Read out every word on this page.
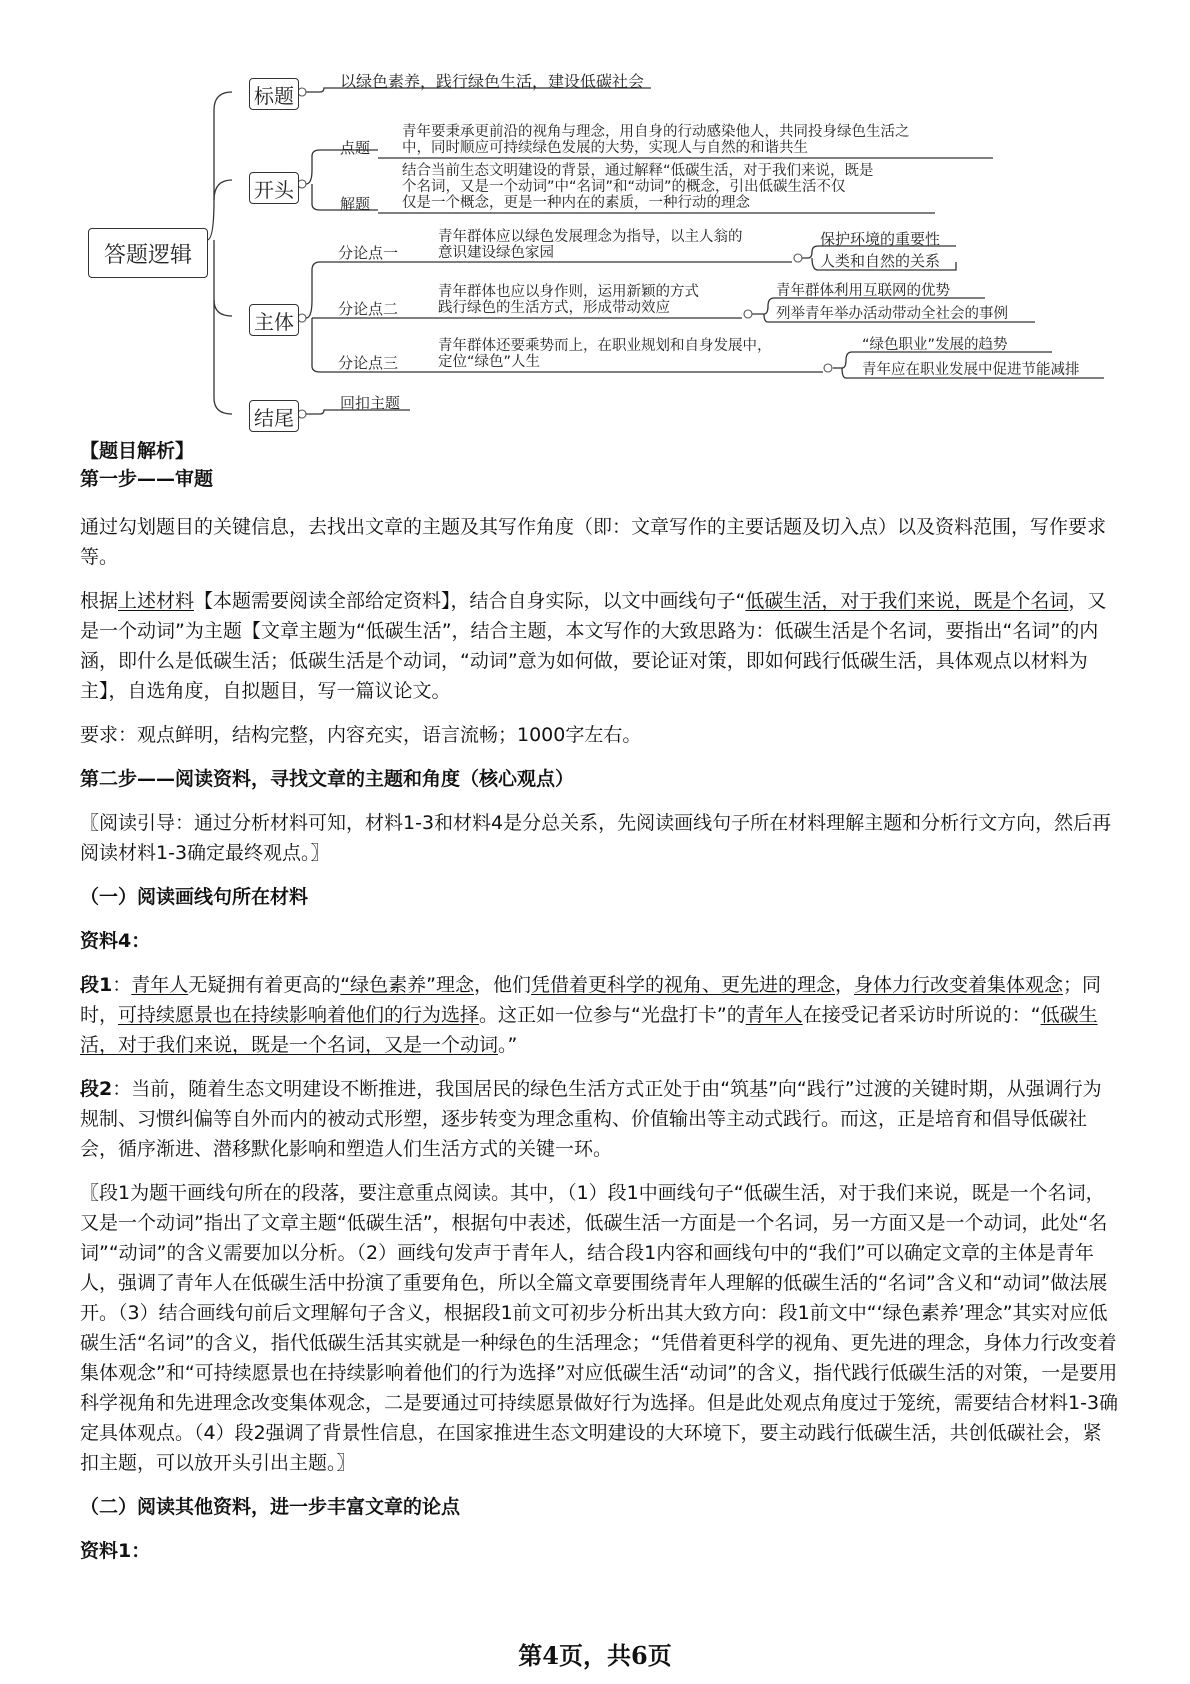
答题逻辑
标题
以绿色素养，践行绿色生活，建设低碳社会
开头
点题
青年要秉承更前沿的视角与理念，用自身的行动感染他人，共同投身绿色生活之
中，同时顺应可持续绿色发展的大势，实现人与自然的和谐共生
解题
结合当前生态文明建设的背景，通过解释“低碳生活，对于我们来说，既是
个名词，又是一个动词”中“名词”和“动词”的概念，引出低碳生活不仅
仅是一个概念，更是一种内在的素质，一种行动的理念
主体
分论点一
青年群体应以绿色发展理念为指导，以主人翁的
意识建设绿色家园
保护环境的重要性
人类和自然的关系
分论点二
青年群体也应以身作则，运用新颖的方式
践行绿色的生活方式，形成带动效应
青年群体利用互联网的优势
列举青年举办活动带动全社会的事例
分论点三
青年群体还要乘势而上，在职业规划和自身发展中，
定位“绿色”人生
“绿色职业”发展的趋势
青年应在职业发展中促进节能减排
结尾
回扣主题
【题目解析】

第一步——审题

通过勾划题目的关键信息，去找出文章的主题及其写作角度（即：文章写作的主要话题及切入点）以及资料范围，写作要求等。

根据上述材料【本题需要阅读全部给定资料】，结合自身实际，以文中画线句子“低碳生活，对于我们来说，既是个名词，又是一个动词”为主题【文章主题为“低碳生活”，结合主题，本文写作的大致思路为：低碳生活是个名词，要指出“名词”的内涵，即什么是低碳生活；低碳生活是个动词，“动词”意为如何做，要论证对策，即如何践行低碳生活，具体观点以材料为主】，自选角度，自拟题目，写一篇议论文。

要求：观点鲜明，结构完整，内容充实，语言流畅；1000字左右。

第二步——阅读资料，寻找文章的主题和角度（核心观点）

〖阅读引导：通过分析材料可知，材料1-3和材料4是分总关系，先阅读画线句子所在材料理解主题和分析行文方向，然后再阅读材料1-3确定最终观点。〗

（一）阅读画线句所在材料

资料4：

段1：青年人无疑拥有着更高的“绿色素养”理念，他们凭借着更科学的视角、更先进的理念，身体力行改变着集体观念；同时，可持续愿景也在持续影响着他们的行为选择。这正如一位参与“光盘打卡”的青年人在接受记者采访时所说的：“低碳生活，对于我们来说，既是一个名词，又是一个动词。”

段2：当前，随着生态文明建设不断推进，我国居民的绿色生活方式正处于由“筑基”向“践行”过渡的关键时期，从强调行为规制、习惯纠偏等自外而内的被动式形塑，逐步转变为理念重构、价值输出等主动式践行。而这，正是培育和倡导低碳社会，循序渐进、潜移默化影响和塑造人们生活方式的关键一环。

〖段1为题干画线句所在的段落，要注意重点阅读。其中，（1）段1中画线句子“低碳生活，对于我们来说，既是一个名词，又是一个动词”指出了文章主题“低碳生活”，根据句中表述，低碳生活一方面是一个名词，另一方面又是一个动词，此处“名词”“动词”的含义需要加以分析。（2）画线句发声于青年人，结合段1内容和画线句中的“我们”可以确定文章的主体是青年人，强调了青年人在低碳生活中扮演了重要角色，所以全篇文章要围绕青年人理解的低碳生活的“名词”含义和“动词”做法展开。（3）结合画线句前后文理解句子含义，根据段1前文可初步分析出其大致方向：段1前文中“‘绿色素养’理念”其实对应低碳生活“名词”的含义，指代低碳生活其实就是一种绿色的生活理念；“凭借着更科学的视角、更先进的理念，身体力行改变着集体观念”和“可持续愿景也在持续影响着他们的行为选择”对应低碳生活“动词”的含义，指代践行低碳生活的对策，一是要用科学视角和先进理念改变集体观念，二是要通过可持续愿景做好行为选择。但是此处观点角度过于笼统，需要结合材料1-3确定具体观点。（4）段2强调了背景性信息，在国家推进生态文明建设的大环境下，要主动践行低碳生活，共创低碳社会，紧扣主题，可以放开头引出主题。〗

（二）阅读其他资料，进一步丰富文章的论点

资料1：

第4页，共6页
